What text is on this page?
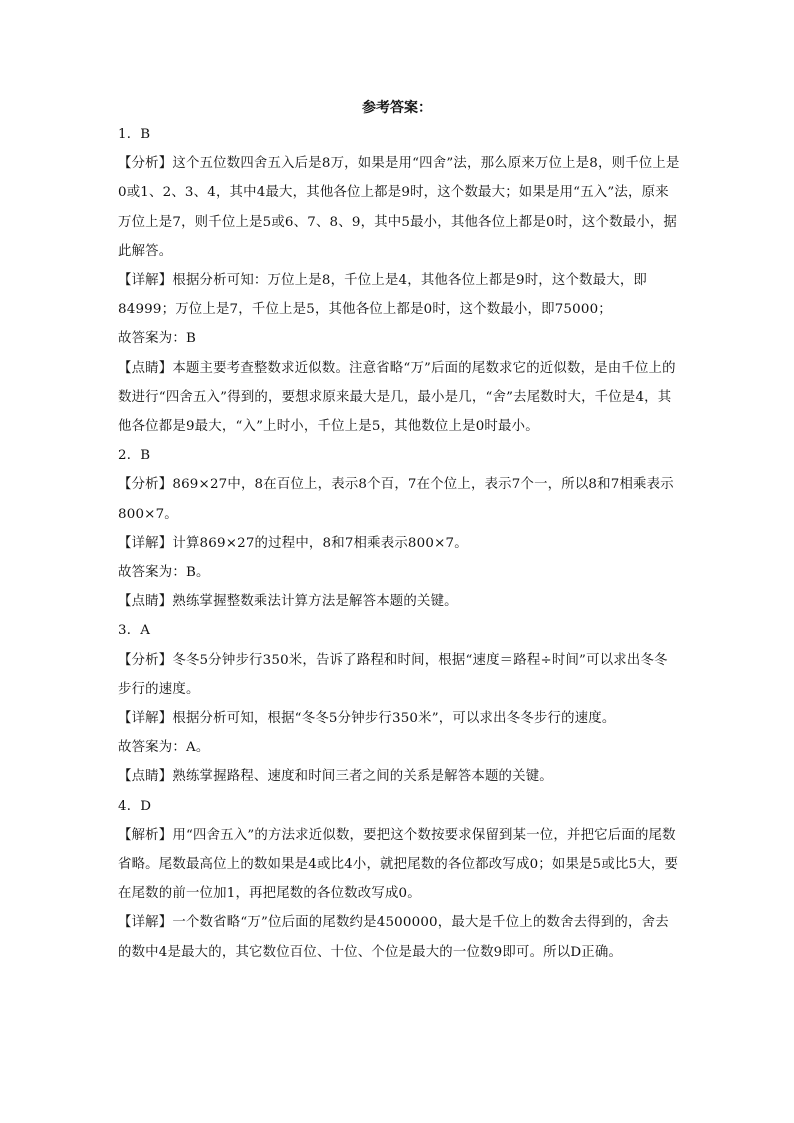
参考答案：

1．B

【分析】这个五位数四舍五入后是8万，如果是用“四舍”法，那么原来万位上是8，则千位上是0或1、2、3、4，其中4最大，其他各位上都是9时，这个数最大；如果是用“五入”法，原来万位上是7，则千位上是5或6、7、8、9，其中5最小，其他各位上都是0时，这个数最小，据此解答。

【详解】根据分析可知：万位上是8，千位上是4，其他各位上都是9时，这个数最大，即84999；万位上是7，千位上是5，其他各位上都是0时，这个数最小，即75000；

故答案为：B

【点睛】本题主要考查整数求近似数。注意省略“万”后面的尾数求它的近似数，是由千位上的数进行“四舍五入”得到的，要想求原来最大是几，最小是几，“舍”去尾数时大，千位是4，其他各位都是9最大，“入”上时小，千位上是5，其他数位上是0时最小。

2．B

【分析】869×27中，8在百位上，表示8个百，7在个位上，表示7个一，所以8和7相乘表示800×7。

【详解】计算869×27的过程中，8和7相乘表示800×7。

故答案为：B。

【点睛】熟练掌握整数乘法计算方法是解答本题的关键。

3．A

【分析】冬冬5分钟步行350米，告诉了路程和时间，根据“速度＝路程÷时间”可以求出冬冬步行的速度。

【详解】根据分析可知，根据“冬冬5分钟步行350米”，可以求出冬冬步行的速度。

故答案为：A。

【点睛】熟练掌握路程、速度和时间三者之间的关系是解答本题的关键。

4．D

【解析】用“四舍五入”的方法求近似数，要把这个数按要求保留到某一位，并把它后面的尾数省略。尾数最高位上的数如果是4或比4小，就把尾数的各位都改写成0；如果是5或比5大，要在尾数的前一位加1，再把尾数的各位数改写成0。

【详解】一个数省略“万”位后面的尾数约是4500000，最大是千位上的数舍去得到的，舍去的数中4是最大的，其它数位百位、十位、个位是最大的一位数9即可。所以D正确。
